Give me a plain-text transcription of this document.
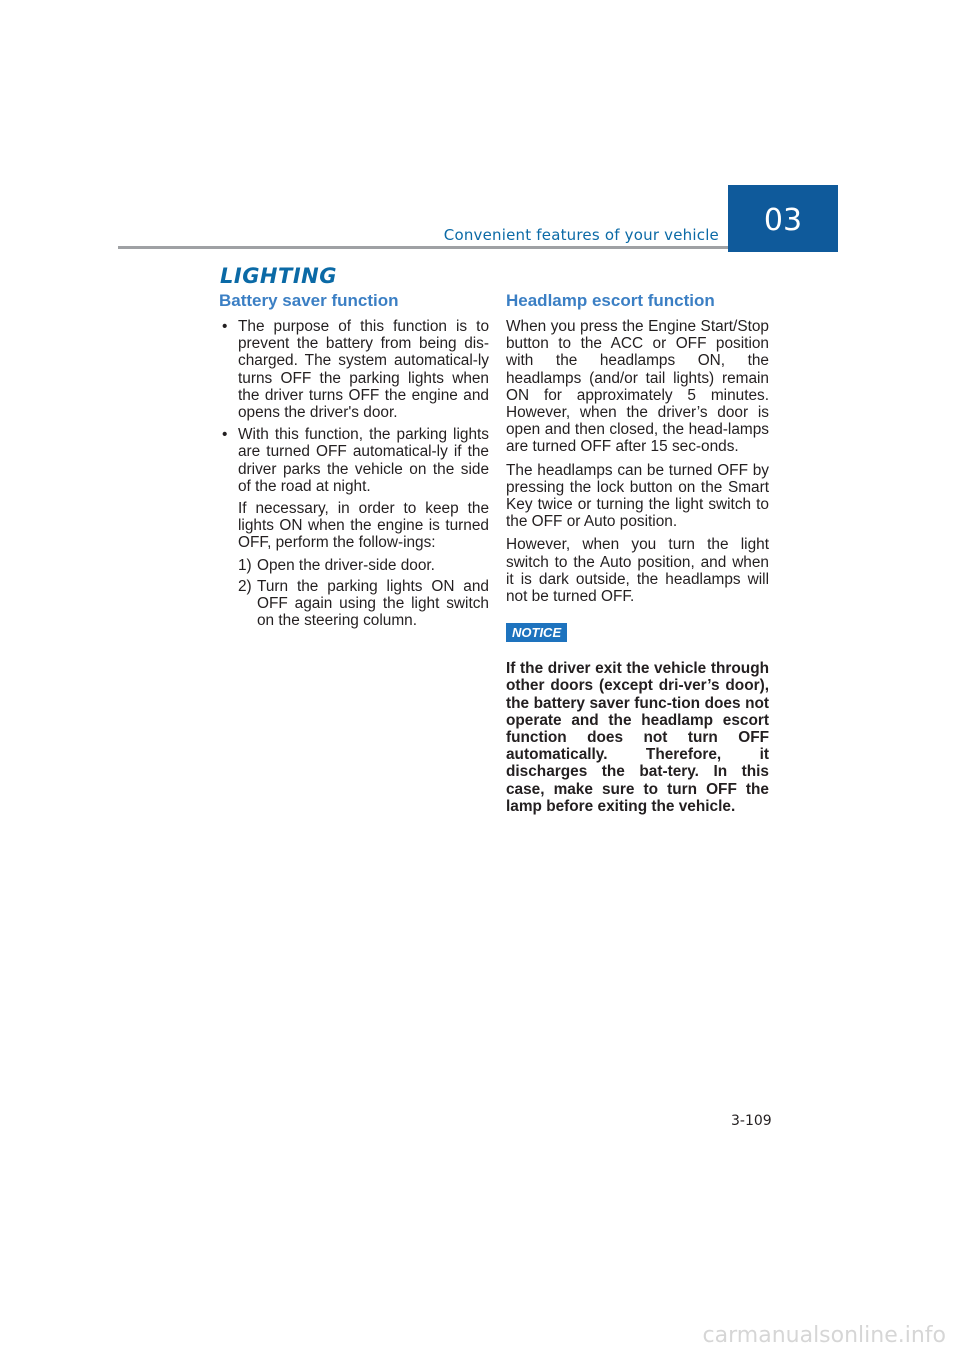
Convenient features of your vehicle 03
LIGHTING
Battery saver function
• The purpose of this function is to prevent the battery from being dis-charged. The system automatical-ly turns OFF the parking lights when the driver turns OFF the engine and opens the driver's door.
• With this function, the parking lights are turned OFF automatical-ly if the driver parks the vehicle on the side of the road at night.

If necessary, in order to keep the lights ON when the engine is turned OFF, perform the follow-ings:

1) Open the driver-side door.
2) Turn the parking lights ON and OFF again using the light switch on the steering column.
Headlamp escort function

When you press the Engine Start/Stop button to the ACC or OFF position with the headlamps ON, the headlamps (and/or tail lights) remain ON for approximately 5 minutes. However, when the driver’s door is open and then closed, the head-lamps are turned OFF after 15 sec-onds.

The headlamps can be turned OFF by pressing the lock button on the Smart Key twice or turning the light switch to the OFF or Auto position.

However, when you turn the light switch to the Auto position, and when it is dark outside, the headlamps will not be turned OFF.

NOTICE

If the driver exit the vehicle through other doors (except dri-ver’s door), the battery saver func-tion does not operate and the headlamp escort function does not turn OFF automatically. Therefore, it discharges the bat-tery. In this case, make sure to turn OFF the lamp before exiting the vehicle.

3-109
carmanualsonline.info
